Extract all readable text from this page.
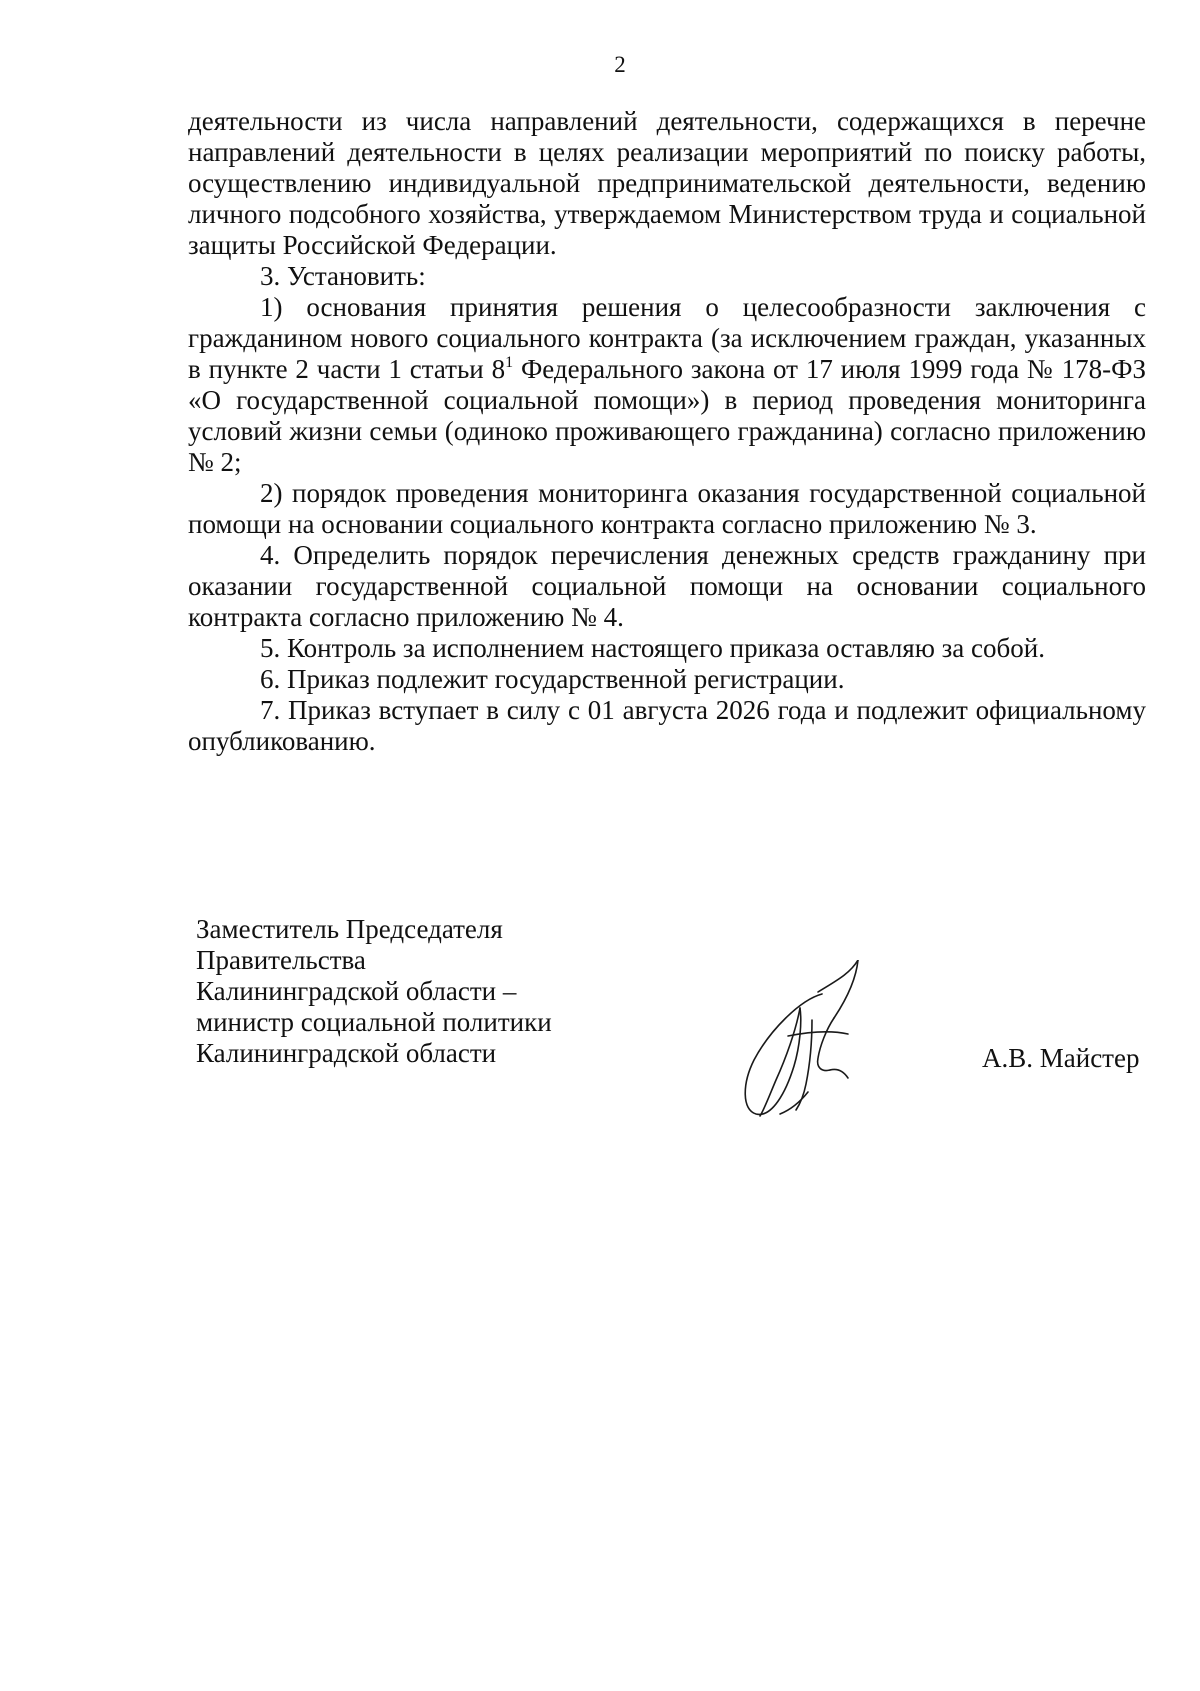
2

деятельности из числа направлений деятельности, содержащихся в перечне направлений деятельности в целях реализации мероприятий по поиску работы, осуществлению индивидуальной предпринимательской деятельности, ведению личного подсобного хозяйства, утверждаемом Министерством труда и социальной защиты Российской Федерации.

3. Установить:

1) основания принятия решения о целесообразности заключения с гражданином нового социального контракта (за исключением граждан, указанных в пункте 2 части 1 статьи $8^1$ Федерального закона от 17 июля 1999 года № 178-ФЗ «О государственной социальной помощи») в период проведения мониторинга условий жизни семьи (одиноко проживающего гражданина) согласно приложению № 2;

2) порядок проведения мониторинга оказания государственной социальной помощи на основании социального контракта согласно приложению № 3.

4. Определить порядок перечисления денежных средств гражданину при оказании государственной социальной помощи на основании социального контракта согласно приложению № 4.

5. Контроль за исполнением настоящего приказа оставляю за собой.

6. Приказ подлежит государственной регистрации.

7. Приказ вступает в силу с 01 августа 2026 года и подлежит официальному опубликованию.

Заместитель Председателя
Правительства
Калининградской области –
министр социальной политики
Калининградской области	А.В. Майстер
